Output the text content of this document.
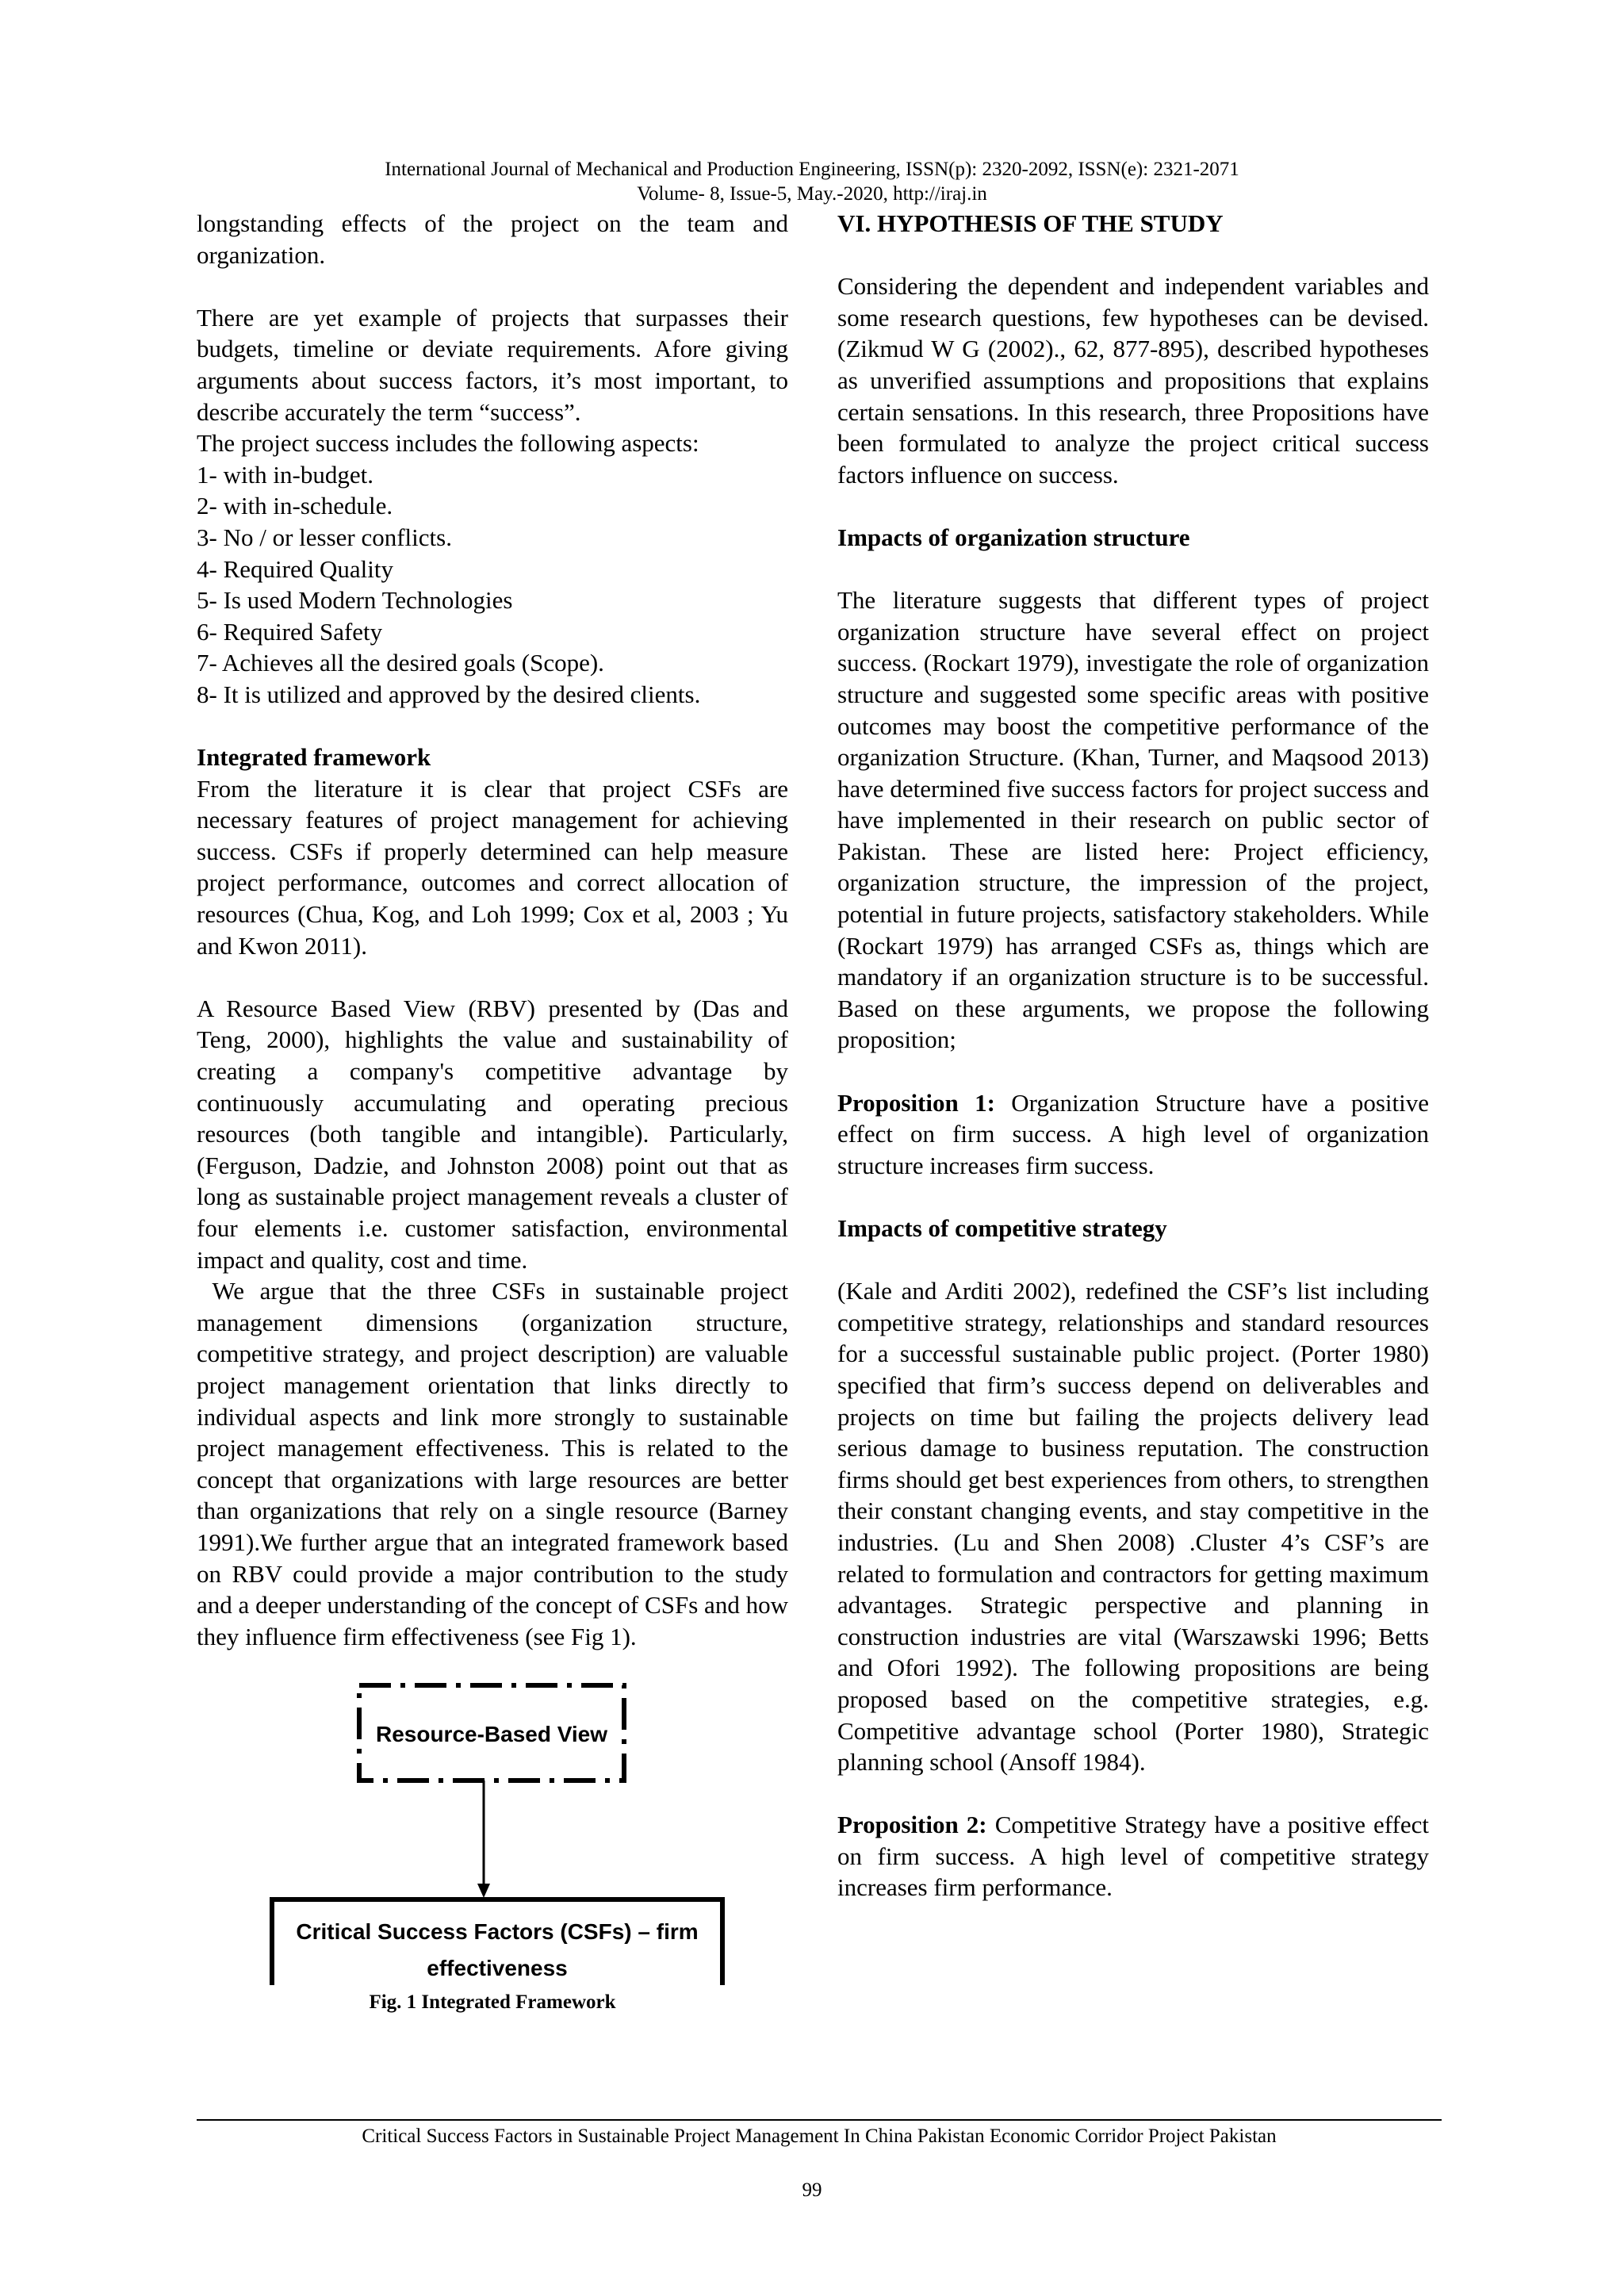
International Journal of Mechanical and Production Engineering, ISSN(p): 2320-2092, ISSN(e): 2321-2071
Volume- 8, Issue-5, May.-2020, http://iraj.in

longstanding effects of the project on the team and organization.

There are yet example of projects that surpasses their budgets, timeline or deviate requirements. Afore giving arguments about success factors, it’s most important, to describe accurately the term “success”.

The project success includes the following aspects:

1- with in-budget.

2- with in-schedule.

3- No / or lesser conflicts.

4- Required Quality

5- Is used Modern Technologies

6- Required Safety

7- Achieves all the desired goals (Scope).

8- It is utilized and approved by the desired clients.

Integrated framework

From the literature it is clear that project CSFs are necessary features of project management for achieving success. CSFs if properly determined can help measure project performance, outcomes and correct allocation of resources (Chua, Kog, and Loh 1999; Cox et al, 2003 ; Yu and Kwon 2011).

A Resource Based View (RBV) presented by (Das and Teng, 2000), highlights the value and sustainability of creating a company's competitive advantage by continuously accumulating and operating precious resources (both tangible and intangible). Particularly, (Ferguson, Dadzie, and Johnston 2008) point out that as long as sustainable project management reveals a cluster of four elements i.e. customer satisfaction, environmental impact and quality, cost and time.

We argue that the three CSFs in sustainable project management dimensions (organization structure, competitive strategy, and project description) are valuable project management orientation that links directly to individual aspects and link more strongly to sustainable project management effectiveness. This is related to the concept that organizations with large resources are better than organizations that rely on a single resource (Barney 1991).We further argue that an integrated framework based on RBV could provide a major contribution to the study and a deeper understanding of the concept of CSFs and how they influence firm effectiveness (see Fig 1).

Resource-Based View
Critical Success Factors (CSFs) – firm
effectiveness
Fig. 1 Integrated Framework

VI. HYPOTHESIS OF THE STUDY

Considering the dependent and independent variables and some research questions, few hypotheses can be devised. (Zikmud W G (2002)., 62, 877-895), described hypotheses as unverified assumptions and propositions that explains certain sensations. In this research, three Propositions have been formulated to analyze the project critical success factors influence on success.

Impacts of organization structure

The literature suggests that different types of project organization structure have several effect on project success. (Rockart 1979), investigate the role of organization structure and suggested some specific areas with positive outcomes may boost the competitive performance of the organization Structure. (Khan, Turner, and Maqsood 2013) have determined five success factors for project success and have implemented in their research on public sector of Pakistan. These are listed here: Project efficiency, organization structure, the impression of the project, potential in future projects, satisfactory stakeholders. While (Rockart 1979) has arranged CSFs as, things which are mandatory if an organization structure is to be successful. Based on these arguments, we propose the following proposition;

Proposition 1: Organization Structure have a positive effect on firm success. A high level of organization structure increases firm success.

Impacts of competitive strategy

(Kale and Arditi 2002), redefined the CSF’s list including competitive strategy, relationships and standard resources for a successful sustainable public project. (Porter 1980) specified that firm’s success depend on deliverables and projects on time but failing the projects delivery lead serious damage to business reputation. The construction firms should get best experiences from others, to strengthen their constant changing events, and stay competitive in the industries. (Lu and Shen 2008) .Cluster 4’s CSF’s are related to formulation and contractors for getting maximum advantages. Strategic perspective and planning in construction industries are vital (Warszawski 1996; Betts and Ofori 1992). The following propositions are being proposed based on the competitive strategies, e.g. Competitive advantage school (Porter 1980), Strategic planning school (Ansoff 1984).

Proposition 2: Competitive Strategy have a positive effect on firm success. A high level of competitive strategy increases firm performance.

Critical Success Factors in Sustainable Project Management In China Pakistan Economic Corridor Project Pakistan
99
